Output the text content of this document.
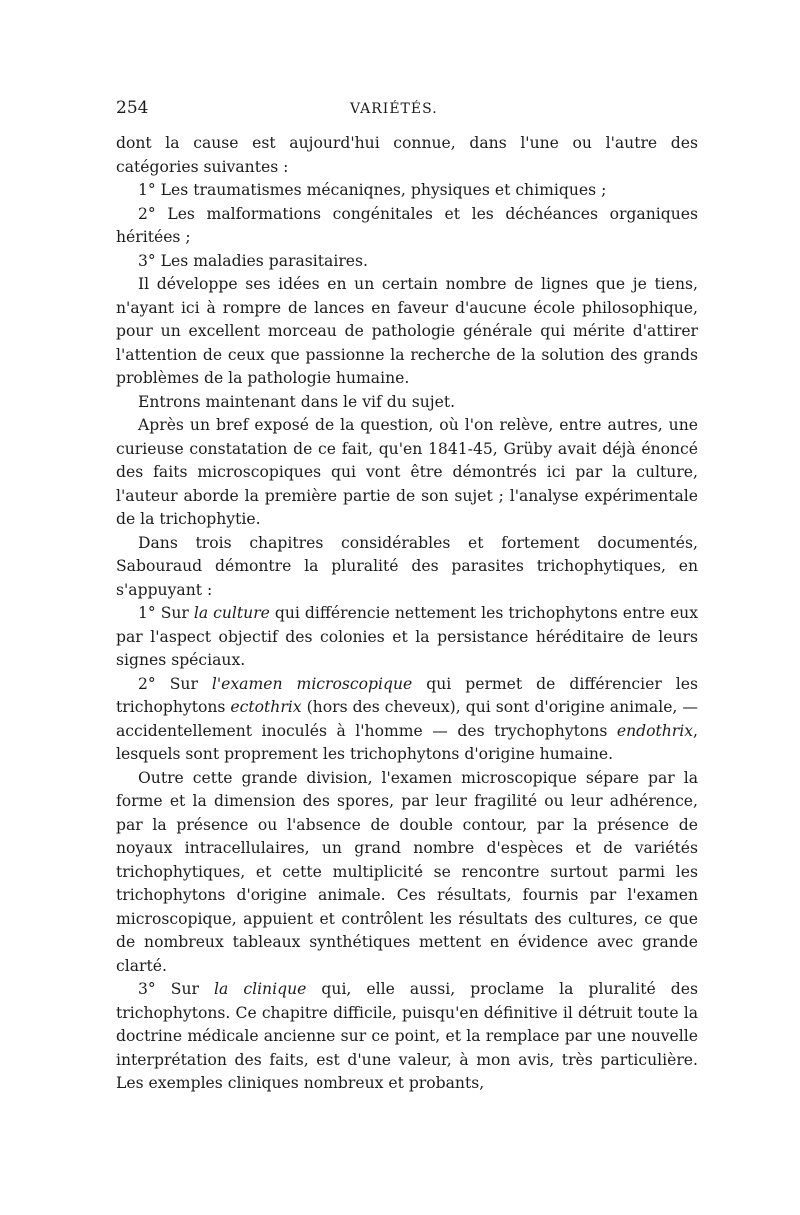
254	VARIÉTÉS.

dont la cause est aujourd'hui connue, dans l'une ou l'autre des catégories suivantes :

1° Les traumatismes mécaniqnes, physiques et chimiques ;

2° Les malformations congénitales et les déchéances organiques héritées ;

3° Les maladies parasitaires.

Il développe ses idées en un certain nombre de lignes que je tiens, n'ayant ici à rompre de lances en faveur d'aucune école philosophique, pour un excellent morceau de pathologie générale qui mérite d'attirer l'attention de ceux que passionne la recherche de la solution des grands problèmes de la pathologie humaine.

Entrons maintenant dans le vif du sujet.

Après un bref exposé de la question, où l'on relève, entre autres, une curieuse constatation de ce fait, qu'en 1841-45, Grüby avait déjà énoncé des faits microscopiques qui vont être démontrés ici par la culture, l'auteur aborde la première partie de son sujet ; l'analyse expérimentale de la trichophytie.

Dans trois chapitres considérables et fortement documentés, Sabouraud démontre la pluralité des parasites trichophytiques, en s'appuyant :

1° Sur la culture qui différencie nettement les trichophytons entre eux par l'aspect objectif des colonies et la persistance héréditaire de leurs signes spéciaux.

2° Sur l'examen microscopique qui permet de différencier les trichophytons ectothrix (hors des cheveux), qui sont d'origine animale, — accidentellement inoculés à l'homme — des trychophytons endothrix, lesquels sont proprement les trichophytons d'origine humaine.

Outre cette grande division, l'examen microscopique sépare par la forme et la dimension des spores, par leur fragilité ou leur adhérence, par la présence ou l'absence de double contour, par la présence de noyaux intracellulaires, un grand nombre d'espèces et de variétés trichophytiques, et cette multiplicité se rencontre surtout parmi les trichophytons d'origine animale. Ces résultats, fournis par l'examen microscopique, appuient et contrôlent les résultats des cultures, ce que de nombreux tableaux synthétiques mettent en évidence avec grande clarté.

3° Sur la clinique qui, elle aussi, proclame la pluralité des trichophytons. Ce chapitre difficile, puisqu'en définitive il détruit toute la doctrine médicale ancienne sur ce point, et la remplace par une nouvelle interprétation des faits, est d'une valeur, à mon avis, très particulière. Les exemples cliniques nombreux et probants,
